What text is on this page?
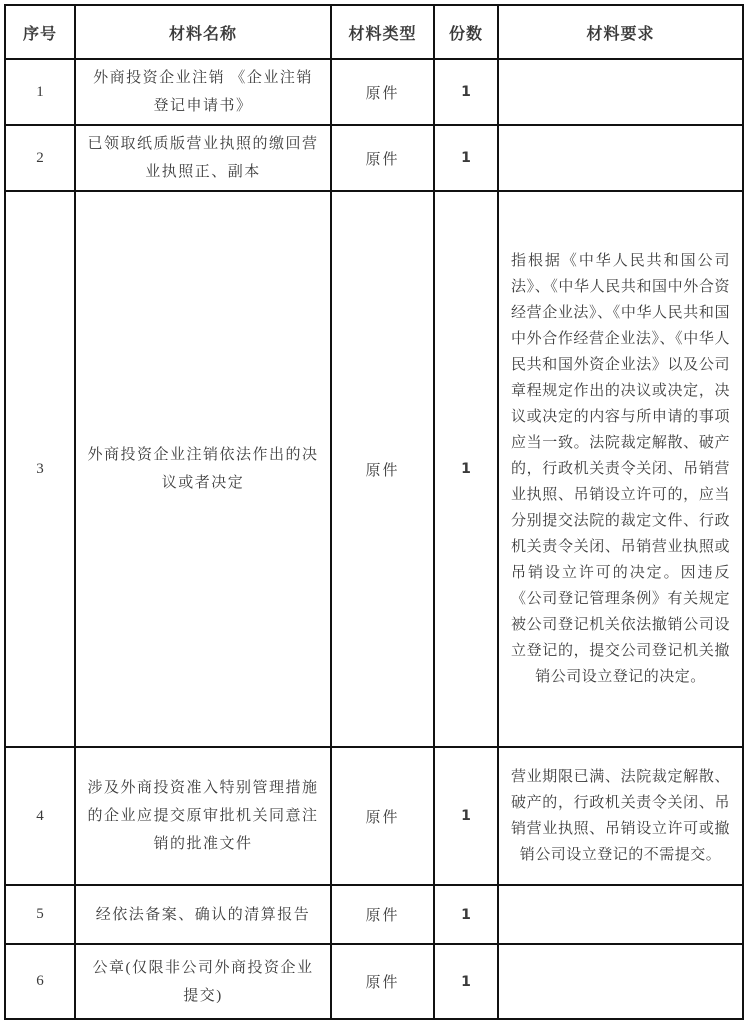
序号	材料名称	材料类型	份数	材料要求
1	外商投资企业注销 《企业注销登记申请书》	原件	1	
2	已领取纸质版营业执照的缴回营业执照正、副本	原件	1	
3	外商投资企业注销依法作出的决议或者决定	原件	1	指根据《中华人民共和国公司法》、《中华人民共和国中外合资经营企业法》、《中华人民共和国中外合作经营企业法》、《中华人民共和国外资企业法》以及公司章程规定作出的决议或决定，决议或决定的内容与所申请的事项应当一致。法院裁定解散、破产的，行政机关责令关闭、吊销营业执照、吊销设立许可的，应当分别提交法院的裁定文件、行政机关责令关闭、吊销营业执照或吊销设立许可的决定。因违反《公司登记管理条例》有关规定被公司登记机关依法撤销公司设立登记的，提交公司登记机关撤销公司设立登记的决定。
4	涉及外商投资准入特别管理措施的企业应提交原审批机关同意注销的批准文件	原件	1	营业期限已满、法院裁定解散、破产的，行政机关责令关闭、吊销营业执照、吊销设立许可或撤销公司设立登记的不需提交。
5	经依法备案、确认的清算报告	原件	1	
6	公章(仅限非公司外商投资企业提交)	原件	1	
